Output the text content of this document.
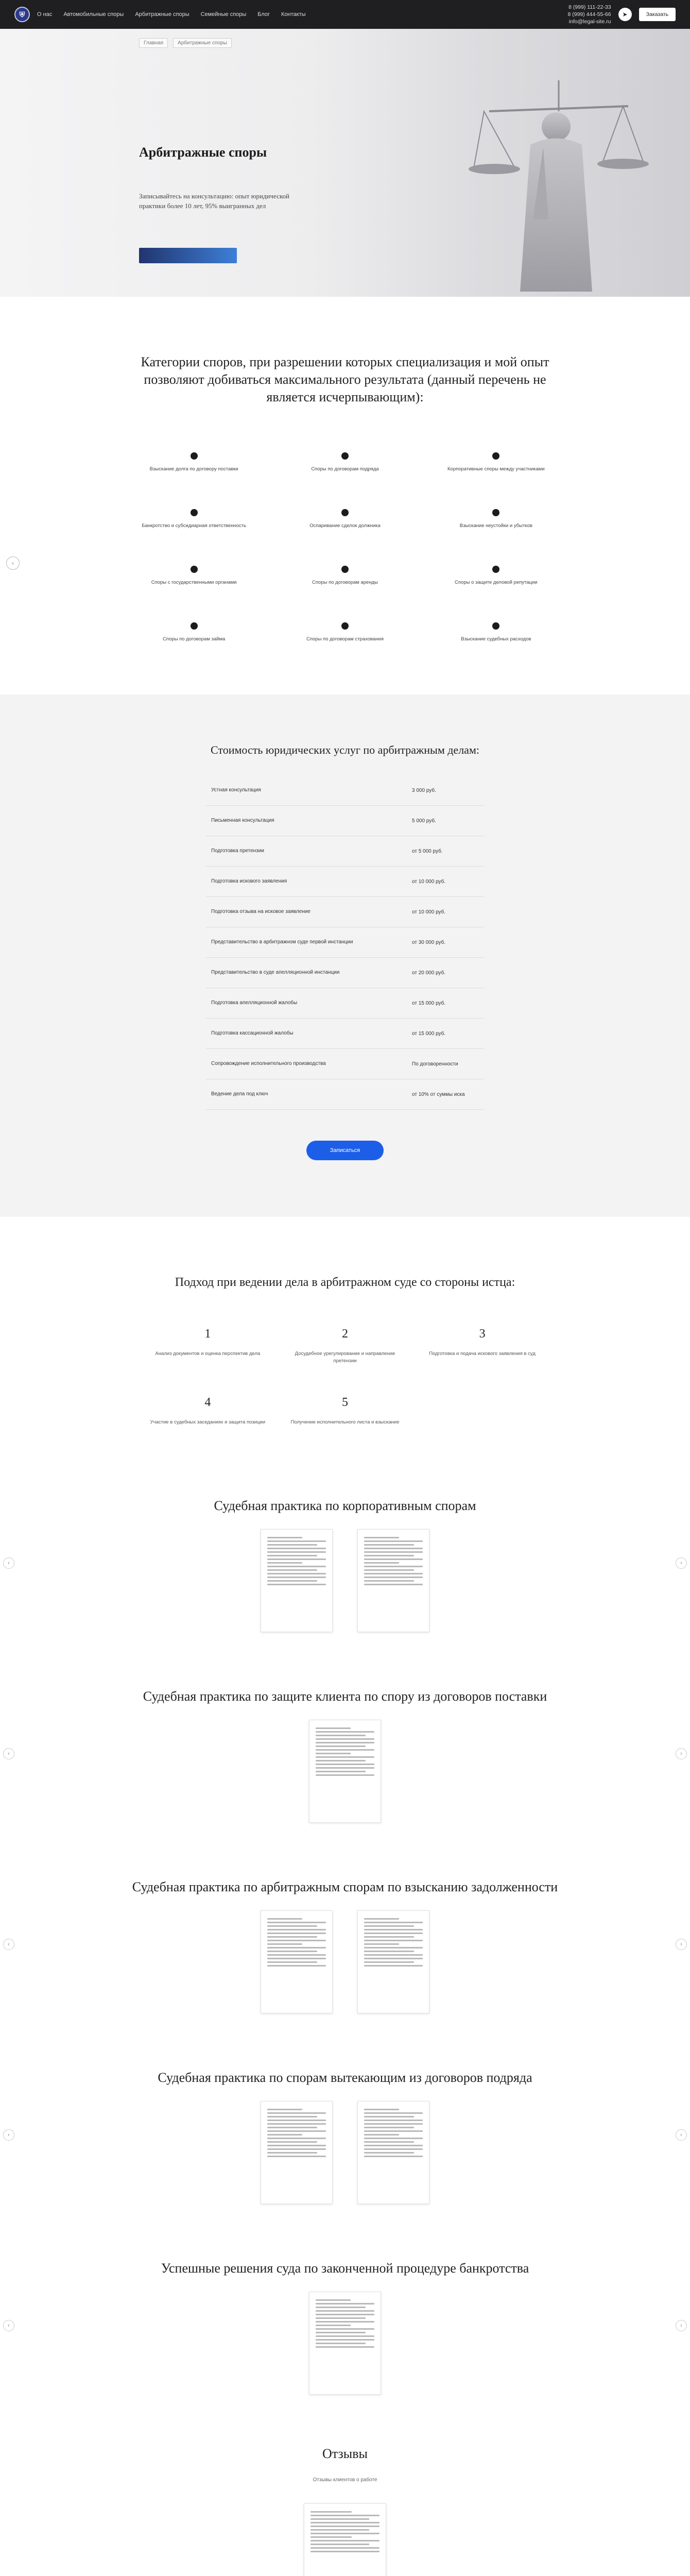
⛨	О нас Автомобильные споры Арбитражные споры Семейные споры Блог Контакты
8 (999) 111-22-33
8 (999) 444-55-66
info@legal-site.ru
➤	Заказать
Главная	Арбитражные споры
Арбитражные споры

Записывайтесь на консультацию: опыт юридической практики более 10 лет, 95% выигранных дел

‹
Категории споров, при разрешении которых специализация и мой опыт позволяют добиваться максимального результата (данный перечень не является исчерпывающим):
Взыскание долга по договору поставки	Споры по договорам подряда	Корпоративные споры между участниками
Банкротство и субсидиарная ответственность	Оспаривание сделок должника	Взыскание неустойки и убытков
Споры с государственными органами	Споры по договорам аренды	Споры о защите деловой репутации
Споры по договорам займа	Споры по договорам страхования	Взыскание судебных расходов
Стоимость юридических услуг по арбитражным делам:
Устная консультация	3 000 руб.
Письменная консультация	5 000 руб.
Подготовка претензии	от 5 000 руб.
Подготовка искового заявления	от 10 000 руб.
Подготовка отзыва на исковое заявление	от 10 000 руб.
Представительство в арбитражном суде первой инстанции	от 30 000 руб.
Представительство в суде апелляционной инстанции	от 20 000 руб.
Подготовка апелляционной жалобы	от 15 000 руб.
Подготовка кассационной жалобы	от 15 000 руб.
Сопровождение исполнительного производства	По договоренности
Ведение дела под ключ	от 10% от суммы иска
Записаться
Подход при ведении дела в арбитражном суде со стороны истца:
1
Анализ документов и оценка перспектив дела
2
Досудебное урегулирование и направление претензии
3
Подготовка и подача искового заявления в суд
4
Участие в судебных заседаниях и защита позиции
5
Получение исполнительного листа и взыскание
‹	›
Судебная практика по корпоративным спорам
‹	›
Судебная практика по защите клиента по спору из договоров поставки
‹	›
Судебная практика по арбитражным спорам по взысканию задолженности
‹	›
Судебная практика по спорам вытекающим из договоров подряда
‹	›
Успешные решения суда по законченной процедуре банкротства
Отзывы
Отзывы клиентов о работе
